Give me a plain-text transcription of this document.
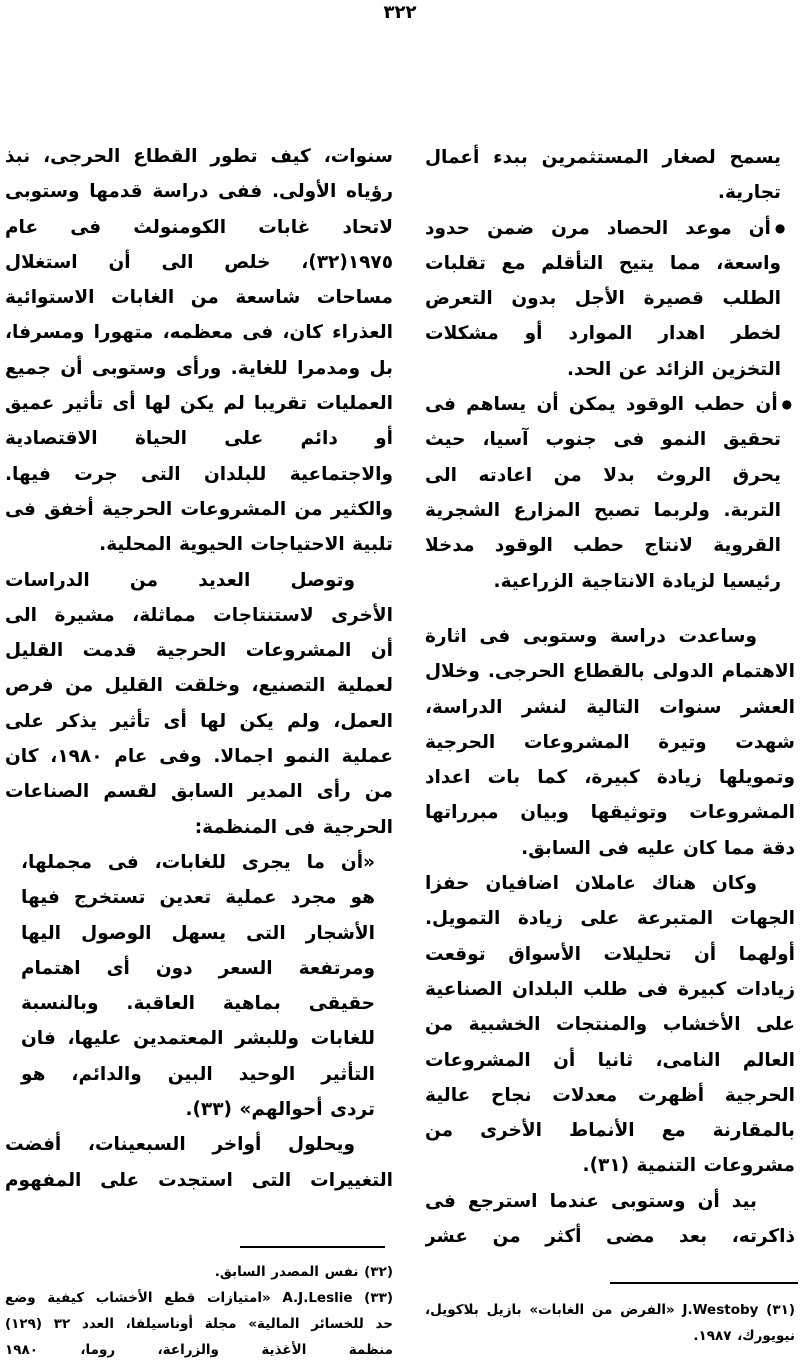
٣٢٢
يسمح لصغار المستثمرين ببدء أعمال
تجارية.
● أن موعد الحصاد مرن ضمن حدود
واسعة، مما يتيح التأقلم مع تقلبات
الطلب قصيرة الأجل بدون التعرض
لخطر اهدار الموارد أو مشكلات
التخزين الزائد عن الحد.
● أن حطب الوقود يمكن أن يساهم فى
تحقيق النمو فى جنوب آسيا، حيث
يحرق الروث بدلا من اعادته الى
التربة. ولربما تصبح المزارع الشجرية
القروية لانتاج حطب الوقود مدخلا
رئيسيا لزيادة الانتاجية الزراعية.
وساعدت دراسة وستوبى فى اثارة
الاهتمام الدولى بالقطاع الحرجى. وخلال
العشر سنوات التالية لنشر الدراسة،
شهدت وتيرة المشروعات الحرجية
وتمويلها زيادة كبيرة، كما بات اعداد
المشروعات وتوثيقها وبيان مبرراتها
دقة مما كان عليه فى السابق.
وكان هناك عاملان اضافيان حفزا
الجهات المتبرعة على زيادة التمويل.
أولهما أن تحليلات الأسواق توقعت
زيادات كبيرة فى طلب البلدان الصناعية
على الأخشاب والمنتجات الخشبية من
العالم النامى، ثانيا أن المشروعات
الحرجية أظهرت معدلات نجاح عالية
بالمقارنة مع الأنماط الأخرى من
مشروعات التنمية (٣١).
بيد أن وستوبى عندما استرجع فى
ذاكرته، بعد مضى أكثر من عشر
سنوات، كيف تطور القطاع الحرجى، نبذ
رؤياه الأولى. ففى دراسة قدمها وستوبى
لاتحاد غابات الكومنولث فى عام
١٩٧٥(٣٢)، خلص الى أن استغلال
مساحات شاسعة من الغابات الاستوائية
العذراء كان، فى معظمه، متهورا ومسرفا،
بل ومدمرا للغاية. ورأى وستوبى أن جميع
العمليات تقريبا لم يكن لها أى تأثير عميق
أو دائم على الحياة الاقتصادية
والاجتماعية للبلدان التى جرت فيها.
والكثير من المشروعات الحرجية أخفق فى
تلبية الاحتياجات الحيوية المحلية.
وتوصل العديد من الدراسات
الأخرى لاستنتاجات مماثلة، مشيرة الى
أن المشروعات الحرجية قدمت القليل
لعملية التصنيع، وخلقت القليل من فرص
العمل، ولم يكن لها أى تأثير يذكر على
عملية النمو اجمالا. وفى عام ١٩٨٠، كان
من رأى المدير السابق لقسم الصناعات
الحرجية فى المنظمة:
«أن ما يجرى للغابات، فى مجملها،
هو مجرد عملية تعدين تستخرج فيها
الأشجار التى يسهل الوصول اليها
ومرتفعة السعر دون أى اهتمام
حقيقى بماهية العاقبة. وبالنسبة
للغابات وللبشر المعتمدين عليها، فان
التأثير الوحيد البين والدائم، هو
تردى أحوالهم» (٣٣).
ويحلول أواخر السبعينات، أفضت
التغييرات التى استجدت على المفهوم
(٣١) J.Westoby «الفرض من الغابات» بازيل بلاكويل،
نيويورك، ١٩٨٧.
(٣٢) نفس المصدر السابق.
(٣٣) A.J.Leslie «امتيازات قطع الأخشاب كيفية وضع
حد للخسائر المالية» مجلة أوناسيلفا، العدد ٣٢ (١٢٩)
منظمة الأغذية والزراعة، روما، ١٩٨٠
